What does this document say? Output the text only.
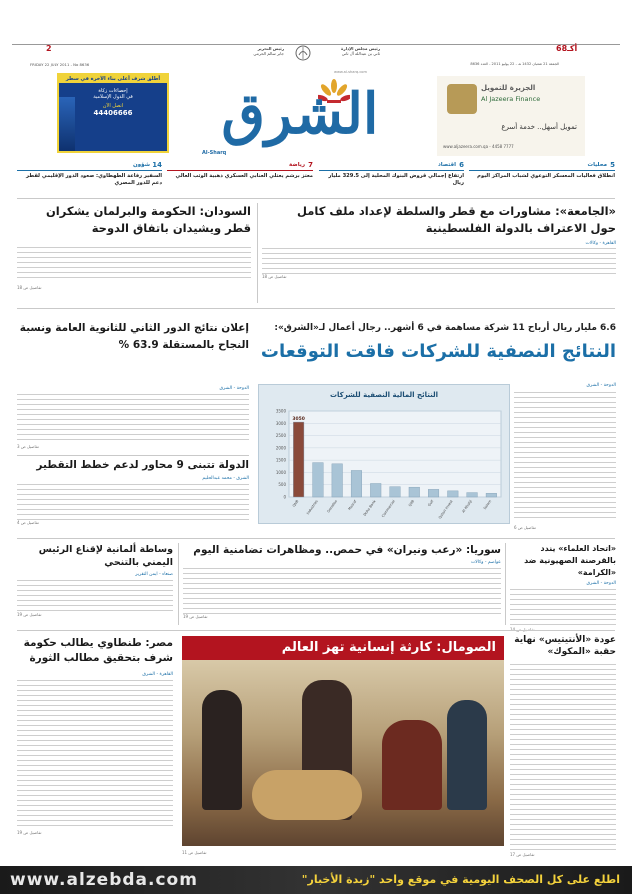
2	أكـ68
رئيس التحرير
جابر سالم الحرمي
رئيس مجلس الإدارة
ثاني بن عبدالله آل ثاني
الجمعة 21 شعبان 1432 هـ - 22 يوليو 2011 - العدد 8636
FRIDAY 22 JULY 2011 - No 8636
أطلق شرف أعلى بناء الآخرة في سطر
إحصاءات زكاة
في الدول الإسلامية
اتصل الآن
44406666	الشرق
Al-Sharq
www.al-sharq.com
الجزيرة للتمويل
Al Jazeera Finance
تمويل أسهل.. خدمة أسرع
www.aljazeera.com.qa - 4458 7777
5
محليات
انطلاق فعاليات المعسكر التوعوي لشباب المراكز اليوم
6
اقتصاد
ارتفاع إجمالي قروض البنوك المحلية إلى 329.5 مليار ريال
7
رياضة
معتز برشم يعتلي العنابي العسكري ذهبية الوثب العالي
14
شؤون
السفير رفاعة الطهطاوي: صعود الدور الإقليمي لقطر دعم للدور المصري
«الجامعة»: مشاورات مع قطر والسلطة لإعداد ملف كامل حول الاعتراف بالدولة الفلسطينية
القاهرة - وكالات
تفاصيل ص 18
السودان: الحكومة والبرلمان يشكران قطر ويشيدان باتفاق الدوحة
تفاصيل ص 18
6.6 مليار ريال أرباح 11 شركة مساهمة في 6 أشهر.. رجال أعمال لـ«الشرق»:
النتائج النصفية للشركات فاقت التوقعات
الدوحة - الشرق
تفاصيل ص 6
النتائج المالية النصفية للشركات
0
500
1000
1500
2000
2500
3000
3500
QNB Industries Ooredoo	Masraf Doha Bank Commercial	QIIB	Gulf Qatari Invest Al Khaliji	Salam
3050
إعلان نتائج الدور الثاني للثانوية العامة ونسبة النجاح بالمستقلة 63.9 %
الدوحة - الشرق
تفاصيل ص 3
الدولة تتبنى 9 محاور لدعم خطط التقطير
الشرق - محمد عبدالحليم
تفاصيل ص 4
«اتحاد العلماء» يندد بالقرصنة الصهيونية ضد «الكرامة»
الدوحة - الشرق
سوريا: «رعب ونيران» في حمص.. ومظاهرات تضامنية اليوم
عواصم - وكالات
تفاصيل ص 19
وساطة ألمانية لإقناع الرئيس اليمني بالتنحي
صنعاء - ايمن التقرير
تفاصيل ص 19
عودة «الأنتيتيس» نهاية حقبة «المكوك»
تفاصيل ص 17
الصومال: كارثة إنسانية تهز العالم
تفاصيل ص 11
مصر: طنطاوي يطالب حكومة شرف بتحقيق مطالب الثورة
القاهرة - الشرق
تفاصيل ص 19
www.alzebda.com	اطلع على كل الصحف اليومية في موقع واحد "زبدة الأخبار"
